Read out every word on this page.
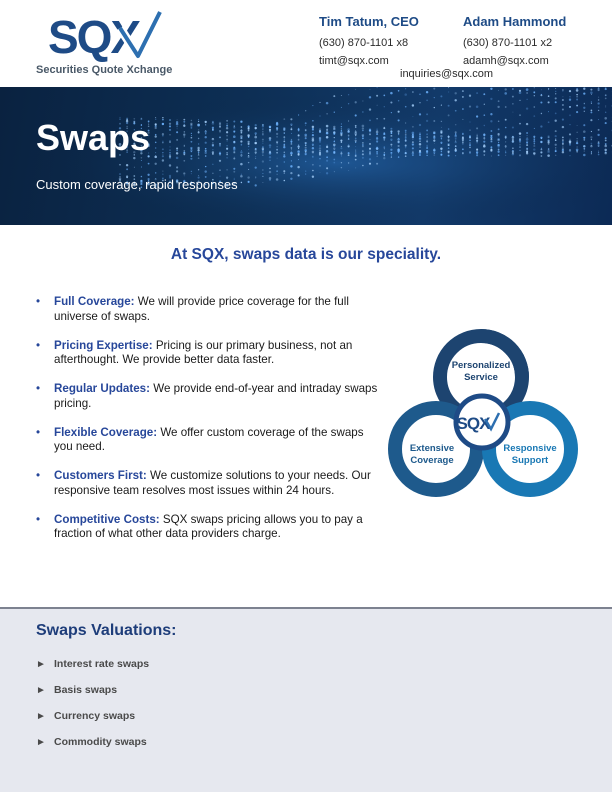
SQX
Securities Quote Xchange
Tim Tatum, CEO
(630) 870-1101 x8
timt@sqx.com
Adam Hammond
(630) 870-1101 x2
adamh@sqx.com
inquiries@sqx.com
Swaps
Custom coverage, rapid responses
At SQX, swaps data is our speciality.
• Full Coverage: We will provide price coverage for the full universe of swaps.
• Pricing Expertise: Pricing is our primary business, not an afterthought. We provide better data faster.
• Regular Updates: We provide end-of-year and intraday swaps pricing.
• Flexible Coverage: We offer custom coverage of the swaps you need.
• Customers First: We customize solutions to your needs. Our responsive team resolves most issues within 24 hours.
• Competitive Costs: SQX swaps pricing allows you to pay a fraction of what other data providers charge.
SQX
Personalized
Service
Extensive
Coverage
Responsive
Support
Swaps Valuations:
► Interest rate swaps
► Basis swaps
► Currency swaps
► Commodity swaps
